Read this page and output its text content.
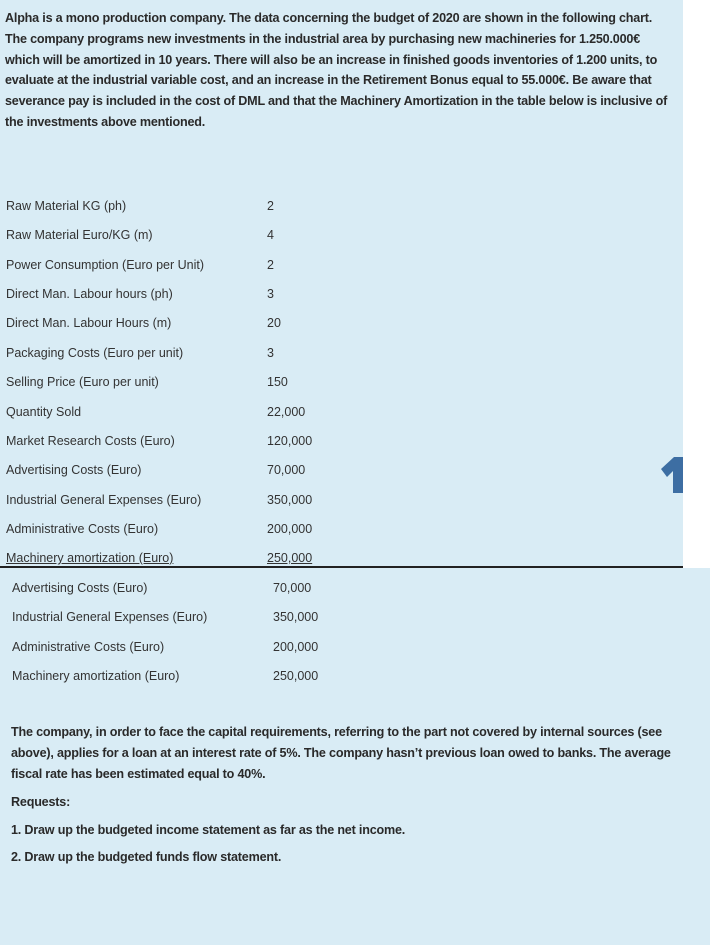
Alpha is a mono production company. The data concerning the budget of 2020 are shown in the following chart. The company programs new investments in the industrial area by purchasing new machineries for 1.250.000€ which will be amortized in 10 years. There will also be an increase in finished goods inventories of 1.200 units, to evaluate at the industrial variable cost, and an increase in the Retirement Bonus equal to 55.000€. Be aware that severance pay is included in the cost of DML and that the Machinery Amortization in the table below is inclusive of the investments above mentioned.
Raw Material KG (ph)	2
Raw Material Euro/KG (m)	4
Power Consumption (Euro per Unit)	2
Direct Man. Labour hours (ph)	3
Direct Man. Labour Hours (m)	20
Packaging Costs (Euro per unit)	3
Selling Price (Euro per unit)	150
Quantity Sold	22,000
Market Research Costs (Euro)	120,000
Advertising Costs (Euro)	70,000
Industrial General Expenses (Euro)	350,000
Administrative Costs (Euro)	200,000
Machinery amortization (Euro)	250,000
Advertising Costs (Euro)	70,000
Industrial General Expenses (Euro)	350,000
Administrative Costs (Euro)	200,000
Machinery amortization (Euro)	250,000
The company, in order to face the capital requirements, referring to the part not covered by internal sources (see above), applies for a loan at an interest rate of 5%. The company hasn’t previous loan owed to banks. The average fiscal rate has been estimated equal to 40%.
Requests:
1. Draw up the budgeted income statement as far as the net income.
2. Draw up the budgeted funds flow statement.
